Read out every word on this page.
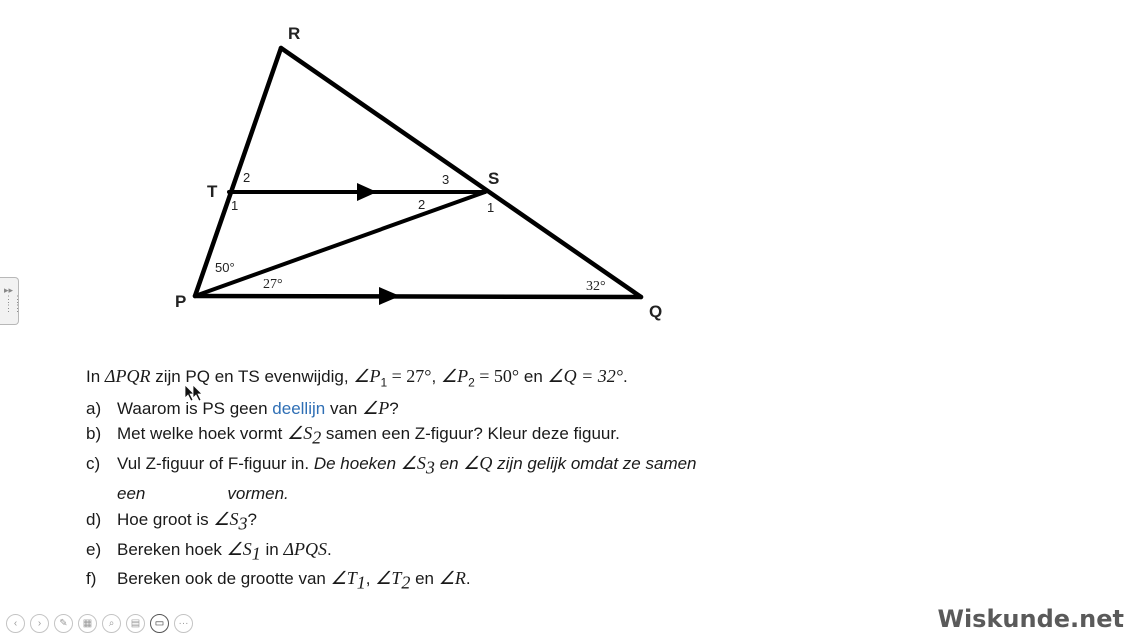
R
T
S
P
Q
2
1
3
2	1
50°
27°	32°
▸▸
⋮⋮
⋮⋮
In ΔPQR zijn PQ en TS evenwijdig, $\angle P_1 = 27^\circ$, $\angle P_2 = 50^\circ$ en ∠Q = 32°.
a) Waarom is PS geen deellijn van ∠P?
b) Met welke hoek vormt $\angle S_2$ samen een Z-figuur? Kleur deze figuur.
c) Vul Z-figuur of F-figuur in. De hoeken $\angle S_3$ en ∠Q zijn gelijk omdat ze samen
een	vormen.
d) Hoe groot is $\angle S_3$?
e) Bereken hoek $\angle S_1$ in ΔPQS.
f)	Bereken ook de grootte van $\angle T_1$, $\angle T_2$ en ∠R.
‹	›	✎	▦	⌕	▤	▭	···	Wiskunde.net
